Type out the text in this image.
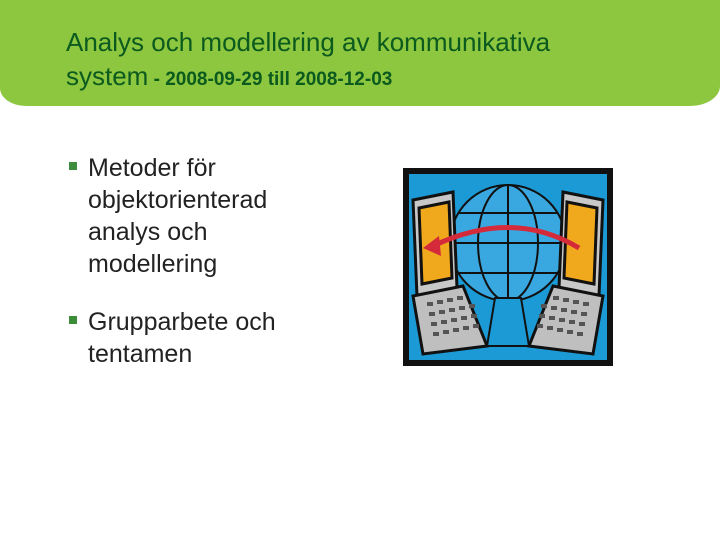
Analys och modellering av kommunikativa
system - 2008-09-29 till 2008-12-03
Metoder för objektorienterad analys och modellering
Grupparbete och tentamen
